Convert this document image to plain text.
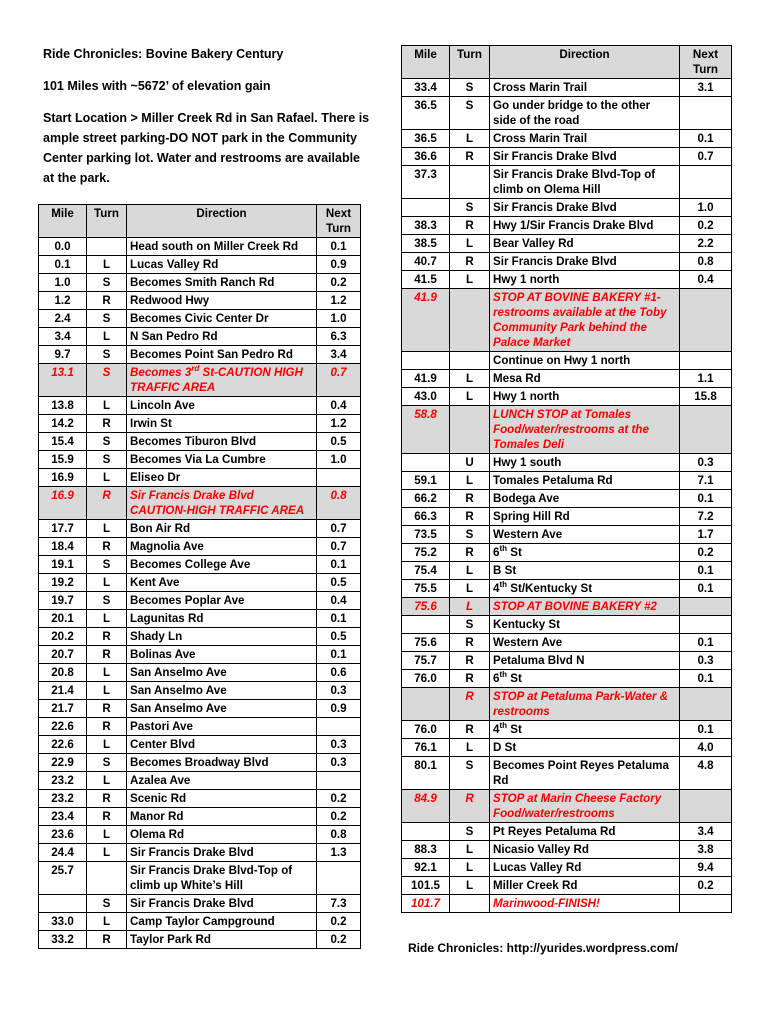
Ride Chronicles: Bovine Bakery Century

101 Miles with ~5672’ of elevation gain

Start Location > Miller Creek Rd in San Rafael. There is ample street parking-DO NOT park in the Community Center parking lot. Water and restrooms are available at the park.

Mile	Turn	Direction	Next Turn
0.0		Head south on Miller Creek Rd	0.1
0.1	L	Lucas Valley Rd	0.9
1.0	S	Becomes Smith Ranch Rd	0.2
1.2	R	Redwood Hwy	1.2
2.4	S	Becomes Civic Center Dr	1.0
3.4	L	N San Pedro Rd	6.3
9.7	S	Becomes Point San Pedro Rd	3.4
13.1	S	Becomes 3rd St-CAUTION HIGH TRAFFIC AREA	0.7
13.8	L	Lincoln Ave	0.4
14.2	R	Irwin St	1.2
15.4	S	Becomes Tiburon Blvd	0.5
15.9	S	Becomes Via La Cumbre	1.0
16.9	L	Eliseo Dr	
16.9	R	Sir Francis Drake Blvd CAUTION-HIGH TRAFFIC AREA	0.8
17.7	L	Bon Air Rd	0.7
18.4	R	Magnolia Ave	0.7
19.1	S	Becomes College Ave	0.1
19.2	L	Kent Ave	0.5
19.7	S	Becomes Poplar Ave	0.4
20.1	L	Lagunitas Rd	0.1
20.2	R	Shady Ln	0.5
20.7	R	Bolinas Ave	0.1
20.8	L	San Anselmo Ave	0.6
21.4	L	San Anselmo Ave	0.3
21.7	R	San Anselmo Ave	0.9
22.6	R	Pastori Ave	
22.6	L	Center Blvd	0.3
22.9	S	Becomes Broadway Blvd	0.3
23.2	L	Azalea Ave	
23.2	R	Scenic Rd	0.2
23.4	R	Manor Rd	0.2
23.6	L	Olema Rd	0.8
24.4	L	Sir Francis Drake Blvd	1.3
25.7		Sir Francis Drake Blvd-Top of climb up White’s Hill	
	S	Sir Francis Drake Blvd	7.3
33.0	L	Camp Taylor Campground	0.2
33.2	R	Taylor Park Rd	0.2
Mile	Turn	Direction	Next Turn
33.4	S	Cross Marin Trail	3.1
36.5	S	Go under bridge to the other side of the road	
36.5	L	Cross Marin Trail	0.1
36.6	R	Sir Francis Drake Blvd	0.7
37.3		Sir Francis Drake Blvd-Top of climb on Olema Hill	
	S	Sir Francis Drake Blvd	1.0
38.3	R	Hwy 1/Sir Francis Drake Blvd	0.2
38.5	L	Bear Valley Rd	2.2
40.7	R	Sir Francis Drake Blvd	0.8
41.5	L	Hwy 1 north	0.4
41.9		STOP AT BOVINE BAKERY #1-restrooms available at the Toby Community Park behind the Palace Market	
		Continue on Hwy 1 north	
41.9	L	Mesa Rd	1.1
43.0	L	Hwy 1 north	15.8
58.8		LUNCH STOP at Tomales Food/water/restrooms at the Tomales Deli	
	U	Hwy 1 south	0.3
59.1	L	Tomales Petaluma Rd	7.1
66.2	R	Bodega Ave	0.1
66.3	R	Spring Hill Rd	7.2
73.5	S	Western Ave	1.7
75.2	R	6th St	0.2
75.4	L	B St	0.1
75.5	L	4th St/Kentucky St	0.1
75.6	L	STOP AT BOVINE BAKERY #2	
	S	Kentucky St	
75.6	R	Western Ave	0.1
75.7	R	Petaluma Blvd N	0.3
76.0	R	6th St	0.1
	R	STOP at Petaluma Park-Water & restrooms	
76.0	R	4th St	0.1
76.1	L	D St	4.0
80.1	S	Becomes Point Reyes Petaluma Rd	4.8
84.9	R	STOP at Marin Cheese Factory Food/water/restrooms	
	S	Pt Reyes Petaluma Rd	3.4
88.3	L	Nicasio Valley Rd	3.8
92.1	L	Lucas Valley Rd	9.4
101.5	L	Miller Creek Rd	0.2
101.7		Marinwood-FINISH!	
Ride Chronicles: http://yurides.wordpress.com/
